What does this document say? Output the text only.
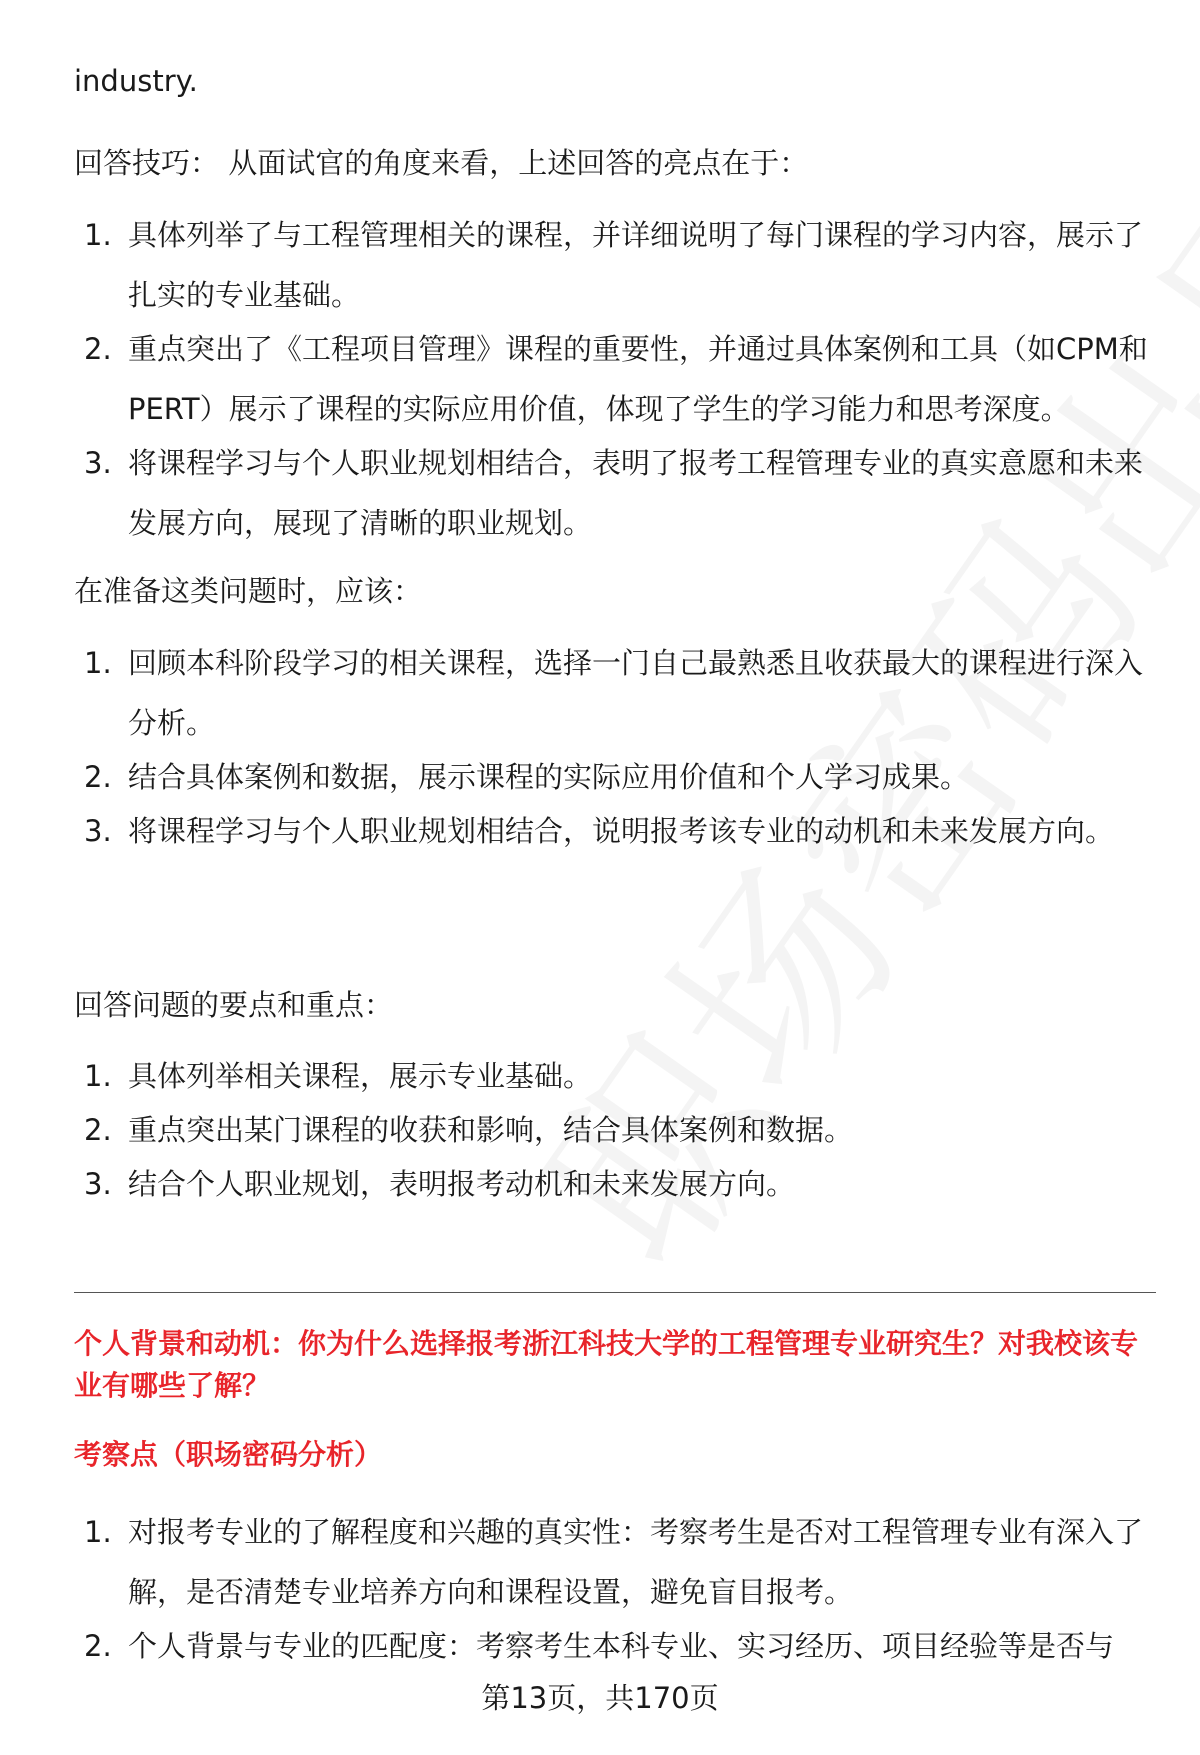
industry.

回答技巧： 从面试官的角度来看，上述回答的亮点在于：

1. 具体列举了与工程管理相关的课程，并详细说明了每门课程的学习内容，展示了扎实的专业基础。
2. 重点突出了《工程项目管理》课程的重要性，并通过具体案例和工具（如CPM和PERT）展示了课程的实际应用价值，体现了学生的学习能力和思考深度。
3. 将课程学习与个人职业规划相结合，表明了报考工程管理专业的真实意愿和未来发展方向，展现了清晰的职业规划。

在准备这类问题时，应该：

1. 回顾本科阶段学习的相关课程，选择一门自己最熟悉且收获最大的课程进行深入分析。
2. 结合具体案例和数据，展示课程的实际应用价值和个人学习成果。
3. 将课程学习与个人职业规划相结合，说明报考该专业的动机和未来发展方向。

回答问题的要点和重点：

1. 具体列举相关课程，展示专业基础。
2. 重点突出某门课程的收获和影响，结合具体案例和数据。
3. 结合个人职业规划，表明报考动机和未来发展方向。

个人背景和动机：你为什么选择报考浙江科技大学的工程管理专业研究生？对我校该专业有哪些了解？

考察点（职场密码分析）

1. 对报考专业的了解程度和兴趣的真实性：考察考生是否对工程管理专业有深入了解，是否清楚专业培养方向和课程设置，避免盲目报考。
2. 个人背景与专业的匹配度：考察考生本科专业、实习经历、项目经验等是否与
第13页，共170页
